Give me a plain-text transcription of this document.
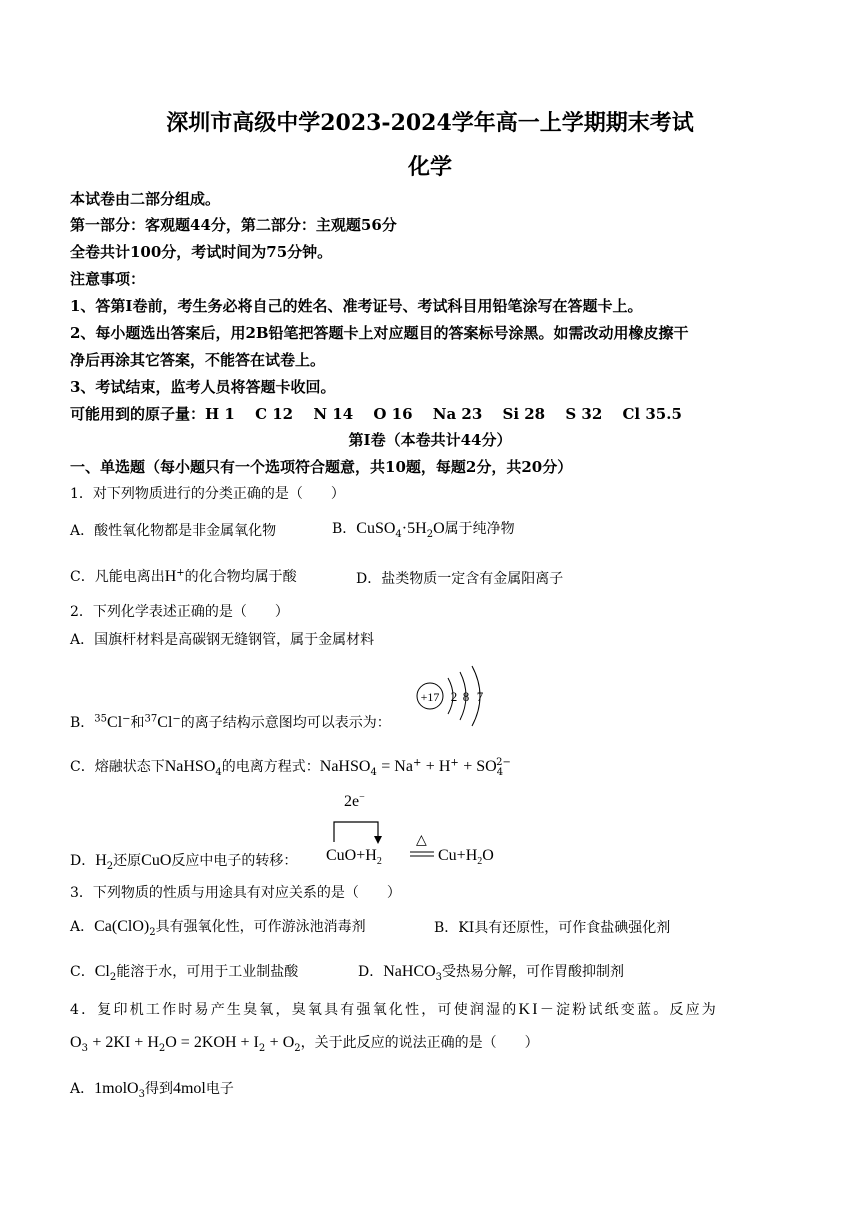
深圳市高级中学2023-2024学年高一上学期期末考试
化学
本试卷由二部分组成。
第一部分：客观题44分，第二部分：主观题56分
全卷共计100分，考试时间为75分钟。
注意事项：
1、答第Ⅰ卷前，考生务必将自己的姓名、准考证号、考试科目用铅笔涂写在答题卡上。
2、每小题选出答案后，用2B铅笔把答题卡上对应题目的答案标号涂黑。如需改动用橡皮擦干
净后再涂其它答案，不能答在试卷上。
3、考试结束，监考人员将答题卡收回。
可能用到的原子量：H 1　 C 12　 N 14　 O 16　 Na 23　 Si 28　 S 32　 Cl 35.5
第Ⅰ卷（本卷共计44分）
一、单选题（每小题只有一个选项符合题意，共10题，每题2分，共20分）
1．对下列物质进行的分类正确的是（　　）
A．酸性氧化物都是非金属氧化物	B．$CuSO_4\cdot 5H_2O$属于纯净物
C．凡能电离出H+的化合物均属于酸	D．盐类物质一定含有金属阳离子
2．下列化学表述正确的是（　　）
A．国旗杆材料是高碳钢无缝钢管，属于金属材料
+17 2 8 7
B．$^{35}$Cl−和$^{37}$Cl−的离子结构示意图均可以表示为：
C．熔融状态下NaHSO$_4$的电离方程式：NaHSO$_4$ = $Na^+ + H^+ + SO_4^{2-}$
2e−
$CuO+H_2$
△
$Cu+H_2O$
D．$H_2$还原CuO反应中电子的转移：
3．下列物质的性质与用途具有对应关系的是（　　）
A．$Ca(ClO)_2$具有强氧化性，可作游泳池消毒剂	B．KI具有还原性，可作食盐碘强化剂
C．$Cl_2$能溶于水，可用于工业制盐酸	D．NaHCO$_3$受热易分解，可作胃酸抑制剂
4．复印机工作时易产生臭氧，臭氧具有强氧化性，可使润湿的KI－淀粉试纸变蓝。反应为
$O_3 + 2KI + H_2O = 2KOH + I_2 + O_2$，关于此反应的说法正确的是（　　）
A．1molO$_3$得到4mol电子
